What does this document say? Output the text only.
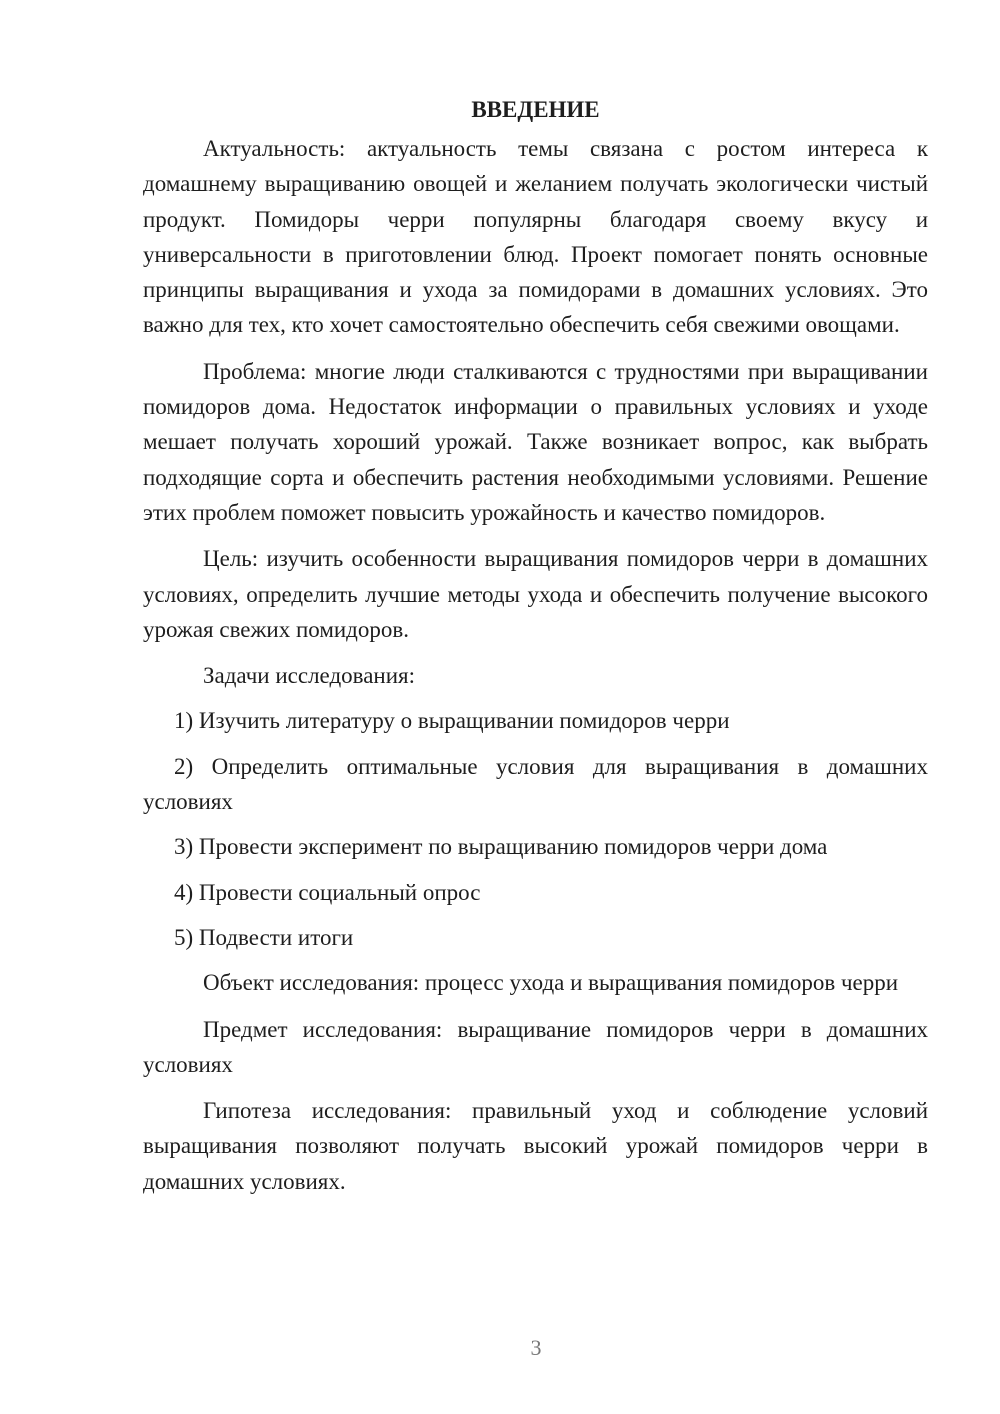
ВВЕДЕНИЕ

Актуальность: актуальность темы связана с ростом интереса к домашнему выращиванию овощей и желанием получать экологически чистый продукт. Помидоры черри популярны благодаря своему вкусу и универсальности в приготовлении блюд. Проект помогает понять основные принципы выращивания и ухода за помидорами в домашних условиях. Это важно для тех, кто хочет самостоятельно обеспечить себя свежими овощами.

Проблема: многие люди сталкиваются с трудностями при выращивании помидоров дома. Недостаток информации о правильных условиях и уходе мешает получать хороший урожай. Также возникает вопрос, как выбрать подходящие сорта и обеспечить растения необходимыми условиями. Решение этих проблем поможет повысить урожайность и качество помидоров.

Цель: изучить особенности выращивания помидоров черри в домашних условиях, определить лучшие методы ухода и обеспечить получение высокого урожая свежих помидоров.

Задачи исследования:

1) Изучить литературу о выращивании помидоров черри

2) Определить оптимальные условия для выращивания в домашних условиях

3) Провести эксперимент по выращиванию помидоров черри дома

4) Провести социальный опрос

5) Подвести итоги

Объект исследования: процесс ухода и выращивания помидоров черри

Предмет исследования: выращивание помидоров черри в домашних условиях

Гипотеза исследования: правильный уход и соблюдение условий выращивания позволяют получать высокий урожай помидоров черри в домашних условиях.

3
